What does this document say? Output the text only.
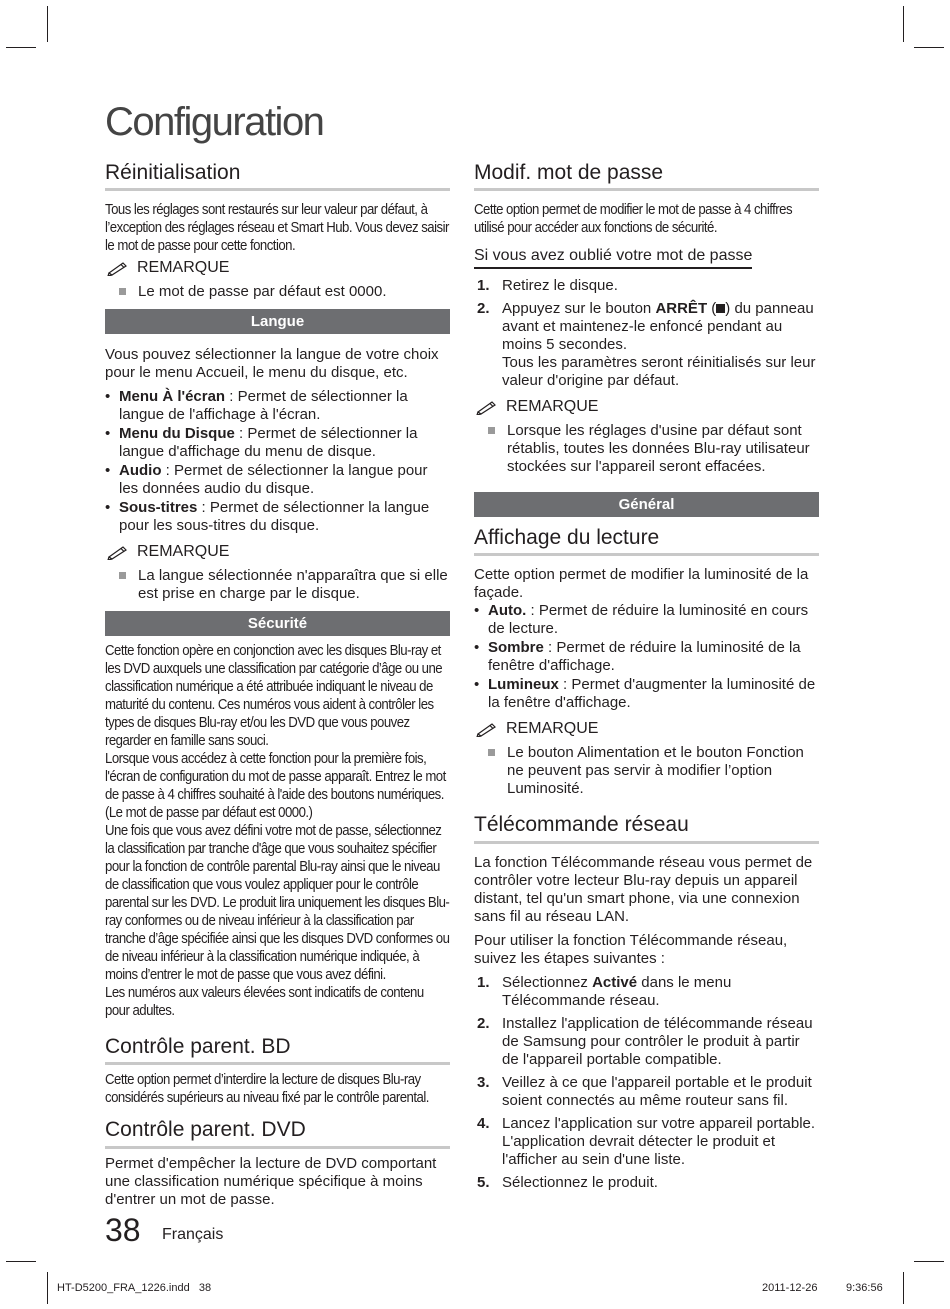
Configuration
Réinitialisation
Tous les réglages sont restaurés sur leur valeur par défaut, à l’exception des réglages réseau et Smart Hub. Vous devez saisir le mot de passe pour cette fonction.
REMARQUE
Le mot de passe par défaut est 0000.
Langue
Vous pouvez sélectionner la langue de votre choix pour le menu Accueil, le menu du disque, etc.
• Menu À l'écran : Permet de sélectionner la langue de l'affichage à l'écran.
• Menu du Disque : Permet de sélectionner la langue d'affichage du menu de disque.
• Audio : Permet de sélectionner la langue pour les données audio du disque.
• Sous-titres : Permet de sélectionner la langue pour les sous-titres du disque.
REMARQUE
La langue sélectionnée n'apparaîtra que si elle est prise en charge par le disque.
Sécurité
Cette fonction opère en conjonction avec les disques Blu-ray et les DVD auxquels une classification par catégorie d’âge ou une classification numérique a été attribuée indiquant le niveau de maturité du contenu. Ces numéros vous aident à contrôler les types de disques Blu-ray et/ou les DVD que vous pouvez regarder en famille sans souci.
Lorsque vous accédez à cette fonction pour la première fois, l'écran de configuration du mot de passe apparaît. Entrez le mot de passe à 4 chiffres souhaité à l'aide des boutons numériques. (Le mot de passe par défaut est 0000.)
Une fois que vous avez défini votre mot de passe, sélectionnez la classification par tranche d'âge que vous souhaitez spécifier pour la fonction de contrôle parental Blu-ray ainsi que le niveau de classification que vous voulez appliquer pour le contrôle parental sur les DVD. Le produit lira uniquement les disques Blu-ray conformes ou de niveau inférieur à la classification par tranche d’âge spécifiée ainsi que les disques DVD conformes ou de niveau inférieur à la classification numérique indiquée, à moins d’entrer le mot de passe que vous avez défini.
Les numéros aux valeurs élevées sont indicatifs de contenu pour adultes.
Contrôle parent. BD
Cette option permet d’interdire la lecture de disques Blu-ray considérés supérieurs au niveau fixé par le contrôle parental.
Contrôle parent. DVD
Permet d'empêcher la lecture de DVD comportant une classification numérique spécifique à moins d'entrer un mot de passe.
Modif. mot de passe
Cette option permet de modifier le mot de passe à 4 chiffres utilisé pour accéder aux fonctions de sécurité.
Si vous avez oublié votre mot de passe
1. Retirez le disque.
2. Appuyez sur le bouton ARRÊT ( ) du panneau avant et maintenez-le enfoncé pendant au moins 5 secondes.
Tous les paramètres seront réinitialisés sur leur valeur d'origine par défaut.
REMARQUE
Lorsque les réglages d'usine par défaut sont rétablis, toutes les données Blu-ray utilisateur stockées sur l'appareil seront effacées.
Général
Affichage du lecture
Cette option permet de modifier la luminosité de la façade.
• Auto. : Permet de réduire la luminosité en cours de lecture.
• Sombre : Permet de réduire la luminosité de la fenêtre d'affichage.
• Lumineux : Permet d'augmenter la luminosité de la fenêtre d'affichage.
REMARQUE
Le bouton Alimentation et le bouton Fonction ne peuvent pas servir à modifier l’option Luminosité.
Télécommande réseau
La fonction Télécommande réseau vous permet de contrôler votre lecteur Blu-ray depuis un appareil distant, tel qu'un smart phone, via une connexion sans fil au réseau LAN.
Pour utiliser la fonction Télécommande réseau, suivez les étapes suivantes :
1. Sélectionnez Activé dans le menu Télécommande réseau.
2. Installez l'application de télécommande réseau de Samsung pour contrôler le produit à partir de l'appareil portable compatible.
3. Veillez à ce que l'appareil portable et le produit soient connectés au même routeur sans fil.
4. Lancez l'application sur votre appareil portable. L'application devrait détecter le produit et l'afficher au sein d'une liste.
5. Sélectionnez le produit.
38 Français
HT-D5200_FRA_1226.indd   38	2011-12-26	9:36:56
